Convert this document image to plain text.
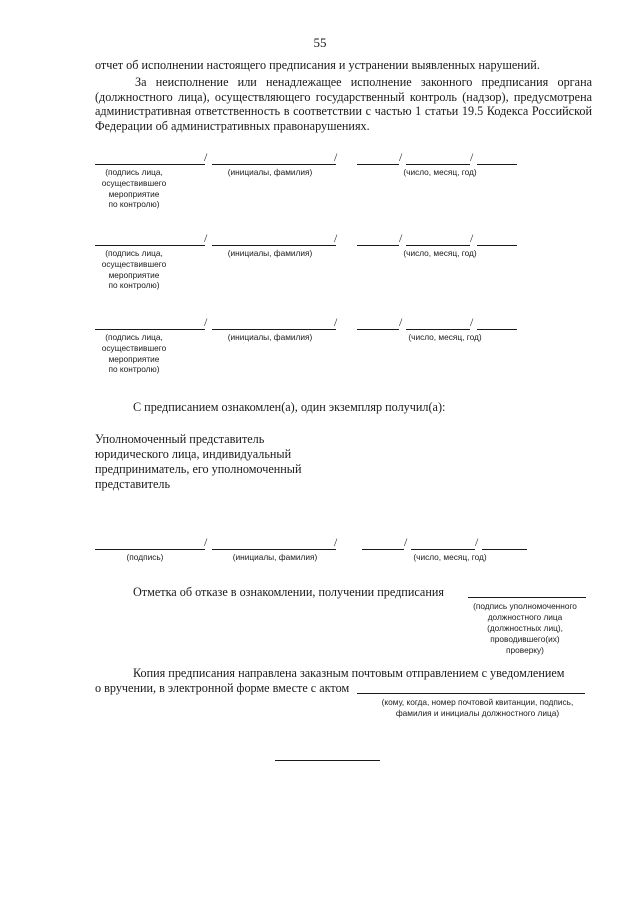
55
отчет об исполнении настоящего предписания и устранении выявленных нарушений.
За неисполнение или ненадлежащее исполнение законного предписания органа (должностного лица), осуществляющего государственный контроль (надзор), предусмотрена административная ответственность в соответствии с частью 1 статьи 19.5 Кодекса Российской Федерации об административных правонарушениях.
/	/	/	/
(подпись лица,
осуществившего
мероприятие
по контролю)
(инициалы, фамилия)	(число, месяц, год)
/	/	/	/
(подпись лица,
осуществившего
мероприятие
по контролю)
(инициалы, фамилия)	(число, месяц, год)
/	/	/	/
(подпись лица,
осуществившего
мероприятие
по контролю)
(инициалы, фамилия)	(число, месяц, год)
С предписанием ознакомлен(а), один экземпляр получил(а):
Уполномоченный представитель
юридического лица, индивидуальный
предприниматель, его уполномоченный
представитель
/	/	/	/
(подпись)	(инициалы, фамилия)	(число, месяц, год)
Отметка об отказе в ознакомлении, получении предписания
(подпись уполномоченного
должностного лица
(должностных лиц),
проводившего(их)
проверку)
Копия предписания направлена заказным почтовым отправлением с уведомлением
о вручении, в электронной форме вместе с актом
(кому, когда, номер почтовой квитанции, подпись,
фамилия и инициалы должностного лица)
